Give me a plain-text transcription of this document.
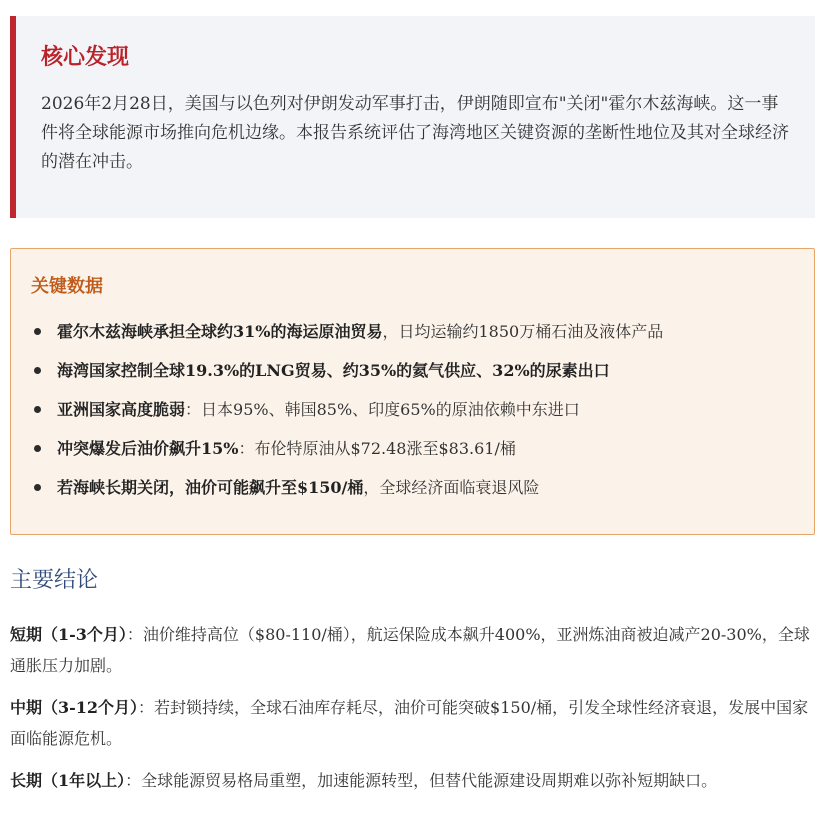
核心发现

2026年2月28日，美国与以色列对伊朗发动军事打击，伊朗随即宣布"关闭"霍尔木兹海峡。这一事件将全球能源市场推向危机边缘。本报告系统评估了海湾地区关键资源的垄断性地位及其对全球经济的潜在冲击。

关键数据
霍尔木兹海峡承担全球约31%的海运原油贸易，日均运输约1850万桶石油及液体产品
海湾国家控制全球19.3%的LNG贸易、约35%的氦气供应、32%的尿素出口
亚洲国家高度脆弱：日本95%、韩国85%、印度65%的原油依赖中东进口
冲突爆发后油价飙升15%：布伦特原油从$72.48涨至$83.61/桶
若海峡长期关闭，油价可能飙升至$150/桶，全球经济面临衰退风险
主要结论

短期（1-3个月）：油价维持高位（$80-110/桶），航运保险成本飙升400%，亚洲炼油商被迫减产20-30%，全球通胀压力加剧。

中期（3-12个月）：若封锁持续，全球石油库存耗尽，油价可能突破$150/桶，引发全球性经济衰退，发展中国家面临能源危机。

长期（1年以上）：全球能源贸易格局重塑，加速能源转型，但替代能源建设周期难以弥补短期缺口。
